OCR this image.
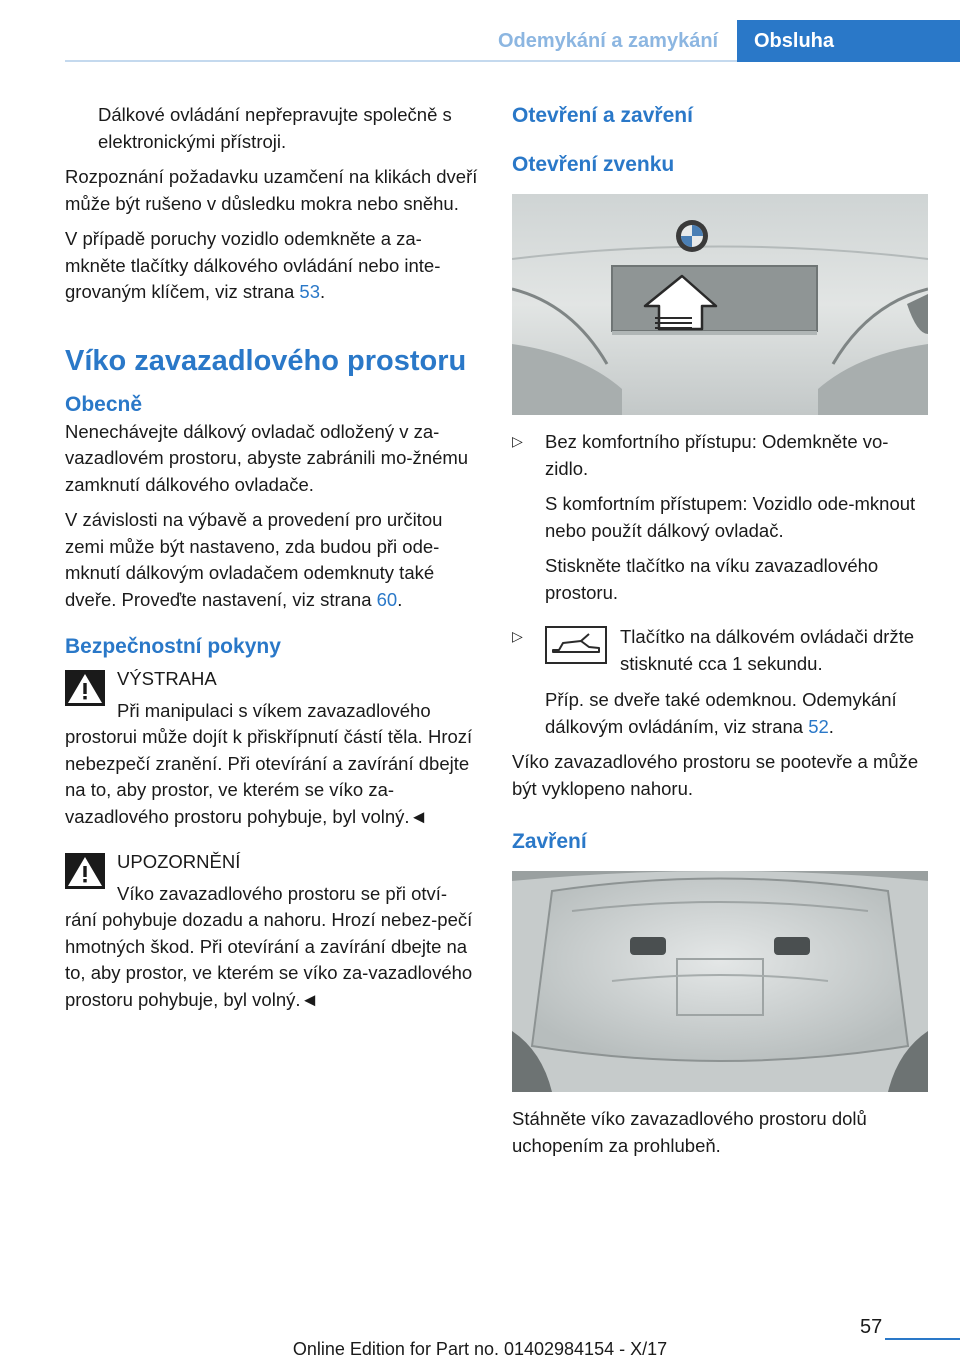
Odemykání a zamykání	Obsluha

Dálkové ovládání nepřepravujte společně s

elektronickými přístroji.

Rozpoznání požadavku uzamčení na klikách dveří může být rušeno v důsledku mokra nebo sněhu.

V případě poruchy vozidlo odemkněte a za‐mkněte tlačítky dálkového ovládání nebo inte‐grovaným klíčem, viz strana 53.

Víko zavazadlového prostoru
Obecně

Nenechávejte dálkový ovladač odložený v za‐vazadlovém prostoru, abyste zabránili mo‐žnému zamknutí dálkového ovladače.

V závislosti na výbavě a provedení pro určitou zemi může být nastaveno, zda budou při ode‐mknutí dálkovým ovladačem odemknuty také dveře. Proveďte nastavení, viz strana 60.

Bezpečnostní pokyny

VÝSTRAHA

Při manipulaci s víkem zavazadlového

prostorui může dojít k přiskřípnutí částí těla. Hrozí nebezpečí zranění. Při otevírání a zavírání dbejte na to, aby prostor, ve kterém se víko za‐vazadlového prostoru pohybuje, byl volný.◄

UPOZORNĚNÍ

Víko zavazadlového prostoru se při otví‐

rání pohybuje dozadu a nahoru. Hrozí nebez‐pečí hmotných škod. Při otevírání a zavírání dbejte na to, aby prostor, ve kterém se víko za‐vazadlového prostoru pohybuje, byl volný.◄

Otevření a zavření
Otevření zvenku
▷ Bez komfortního přístupu: Odemkněte vo‐zidlo.

S komfortním přístupem: Vozidlo ode‐mknout nebo použít dálkový ovladač.

Stiskněte tlačítko na víku zavazadlového prostoru.

▷	Tlačítko na dálkovém ovládači držte stisknuté cca 1 sekundu.

Příp. se dveře také odemknou. Odemykání dálkovým ovládáním, viz strana 52.

Víko zavazadlového prostoru se pootevře a může být vyklopeno nahoru.

Zavření

Stáhněte víko zavazadlového prostoru dolů uchopením za prohlubeň.

57
Online Edition for Part no. 01402984154 - X/17
